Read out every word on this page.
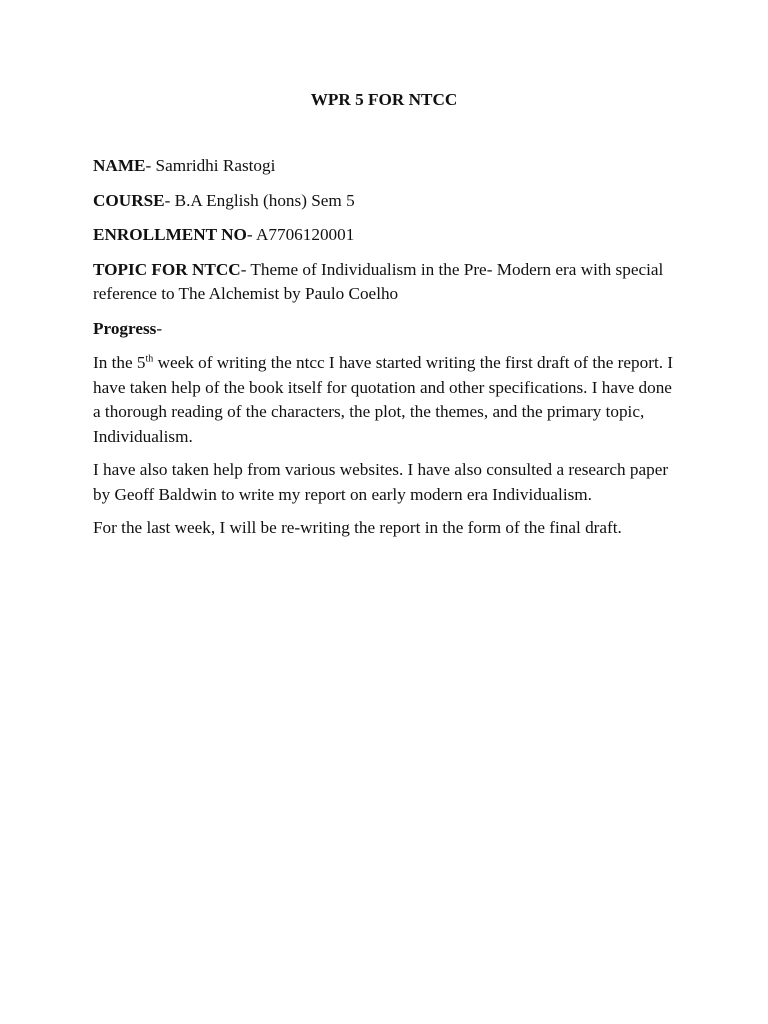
WPR 5 FOR NTCC

NAME- Samridhi Rastogi

COURSE- B.A English (hons) Sem 5

ENROLLMENT NO- A7706120001

TOPIC FOR NTCC- Theme of Individualism in the Pre- Modern era with special reference to The Alchemist by Paulo Coelho

Progress-

In the 5th week of writing the ntcc I have started writing the first draft of the report. I have taken help of the book itself for quotation and other specifications. I have done a thorough reading of the characters, the plot, the themes, and the primary topic, Individualism.

I have also taken help from various websites. I have also consulted a research paper by Geoff Baldwin to write my report on early modern era Individualism.

For the last week, I will be re-writing the report in the form of the final draft.
